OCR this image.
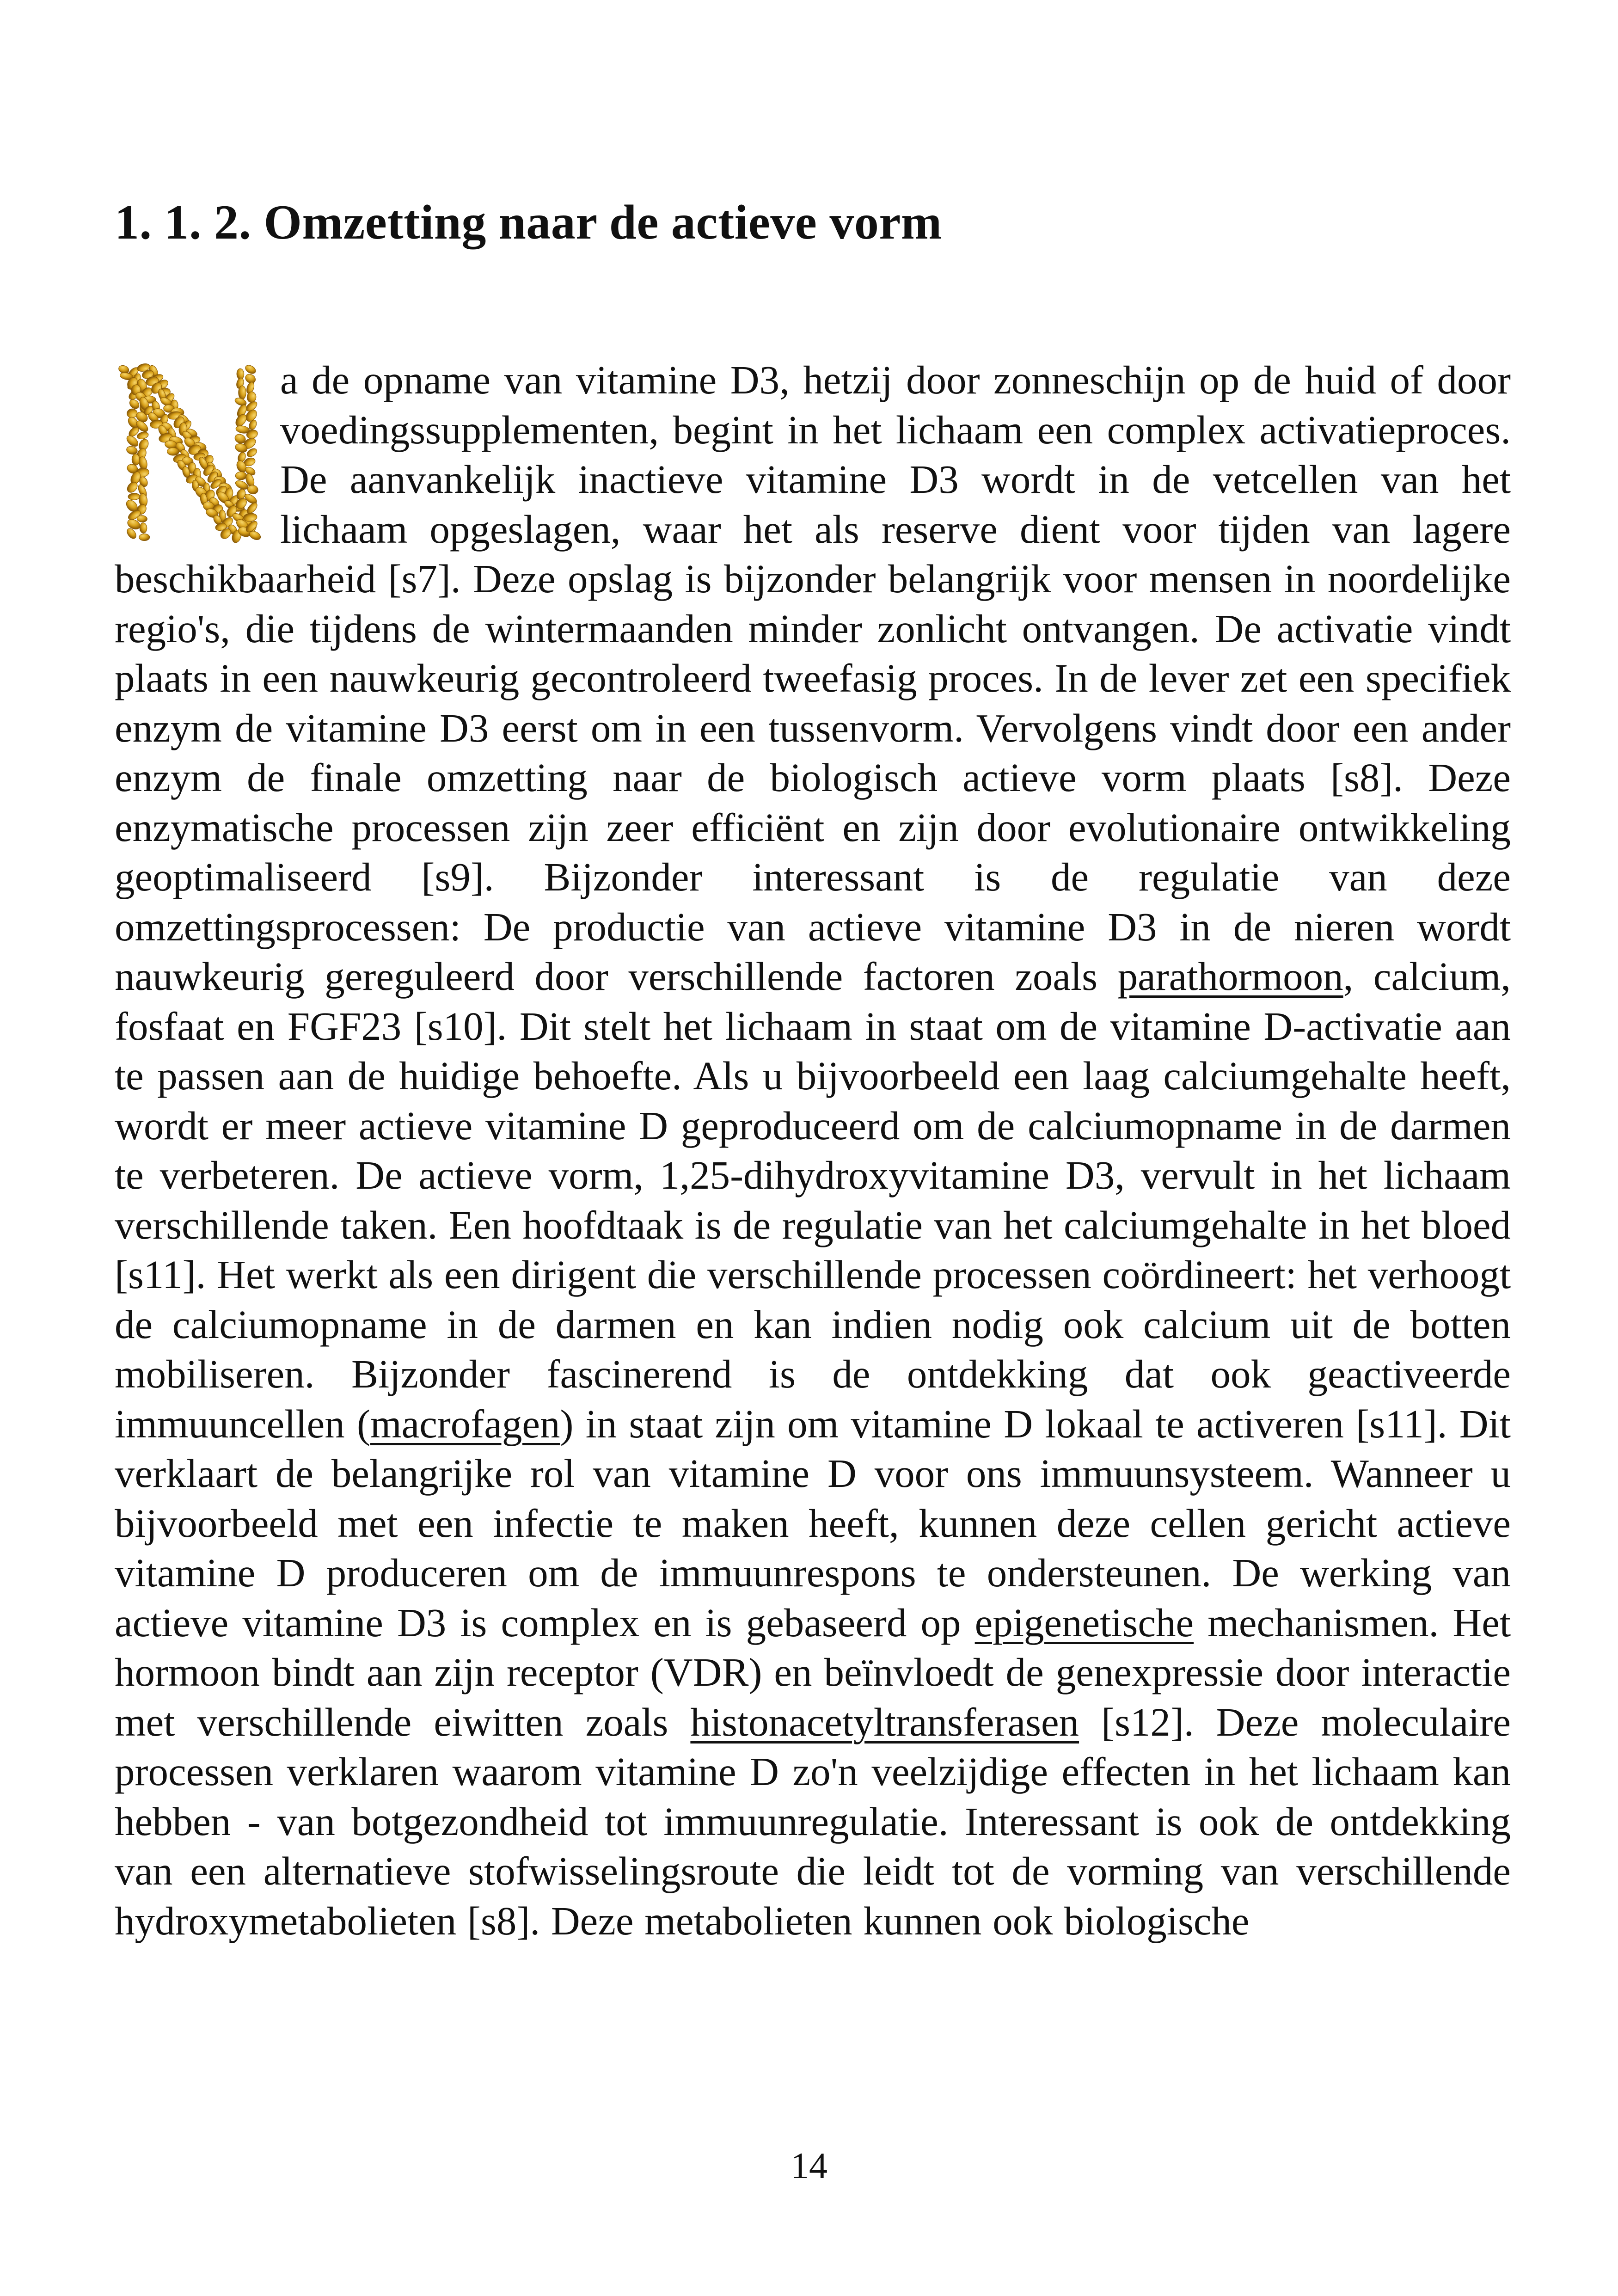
1. 1. 2. Omzetting naar de actieve vorm

a de opname van vitamine D3, hetzij door zonneschijn op de huid of door voedingssupplementen, begint in het lichaam een complex activatieproces. De aanvankelijk inactieve vitamine D3 wordt in de vetcellen van het lichaam opgeslagen, waar het als reserve dient voor tijden van lagere beschikbaarheid [s7]. Deze opslag is bijzonder belangrijk voor mensen in noordelijke regio's, die tijdens de wintermaanden minder zonlicht ontvangen. De activatie vindt plaats in een nauwkeurig gecontroleerd tweefasig proces. In de lever zet een specifiek enzym de vitamine D3 eerst om in een tussenvorm. Vervolgens vindt door een ander enzym de finale omzetting naar de biologisch actieve vorm plaats [s8]. Deze enzymatische processen zijn zeer efficiënt en zijn door evolutionaire ontwikkeling geoptimaliseerd [s9]. Bijzonder interessant is de regulatie van deze omzettingsprocessen: De productie van actieve vitamine D3 in de nieren wordt nauwkeurig gereguleerd door verschillende factoren zoals parathormoon, calcium, fosfaat en FGF23 [s10]. Dit stelt het lichaam in staat om de vitamine D-activatie aan te passen aan de huidige behoefte. Als u bijvoorbeeld een laag calciumgehalte heeft, wordt er meer actieve vitamine D geproduceerd om de calciumopname in de darmen te verbeteren. De actieve vorm, 1,25-dihydroxyvitamine D3, vervult in het lichaam verschillende taken. Een hoofdtaak is de regulatie van het calciumgehalte in het bloed [s11]. Het werkt als een dirigent die verschillende processen coördineert: het verhoogt de calciumopname in de darmen en kan indien nodig ook calcium uit de botten mobiliseren. Bijzonder fascinerend is de ontdekking dat ook geactiveerde immuuncellen (macrofagen) in staat zijn om vitamine D lokaal te activeren [s11]. Dit verklaart de belangrijke rol van vitamine D voor ons immuunsysteem. Wanneer u bijvoorbeeld met een infectie te maken heeft, kunnen deze cellen gericht actieve vitamine D produceren om de immuunrespons te ondersteunen. De werking van actieve vitamine D3 is complex en is gebaseerd op epigenetische mechanismen. Het hormoon bindt aan zijn receptor (VDR) en beïnvloedt de genexpressie door interactie met verschillende eiwitten zoals histonacetyltransferasen [s12]. Deze moleculaire processen verklaren waarom vitamine D zo'n veelzijdige effecten in het lichaam kan hebben - van botgezondheid tot immuunregulatie. Interessant is ook de ontdekking van een alternatieve stofwisselingsroute die leidt tot de vorming van verschillende hydroxymetabolieten [s8]. Deze metabolieten kunnen ook biologische

14
